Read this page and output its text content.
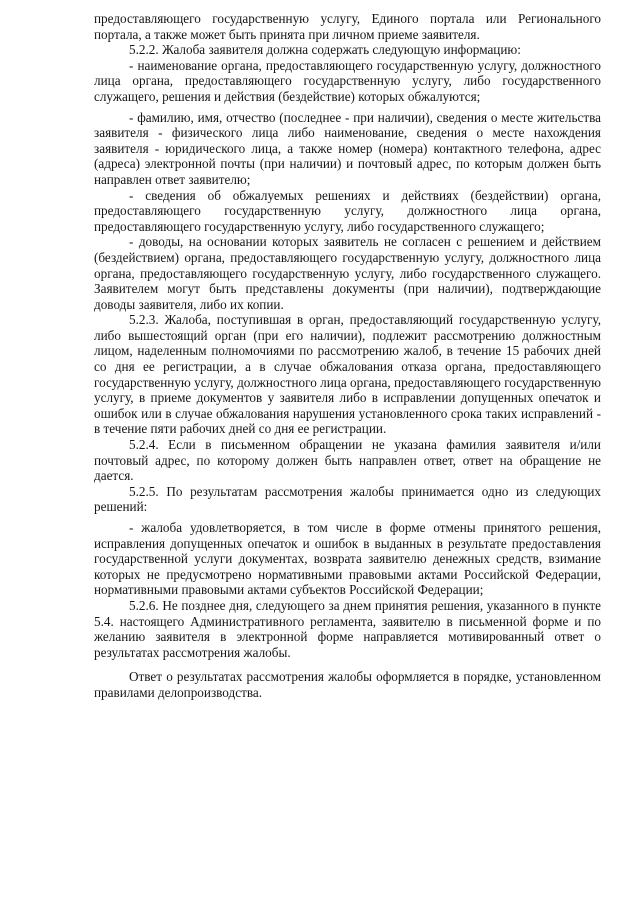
предоставляющего государственную услугу, Единого портала или Регионального портала, а также может быть принята при личном приеме заявителя.

5.2.2. Жалоба заявителя должна содержать следующую информацию:

- наименование органа, предоставляющего государственную услугу, должностного лица органа, предоставляющего государственную услугу, либо государственного служащего, решения и действия (бездействие) которых обжалуются;

- фамилию, имя, отчество (последнее - при наличии), сведения о месте жительства заявителя - физического лица либо наименование, сведения о месте нахождения заявителя - юридического лица, а также номер (номера) контактного телефона, адрес (адреса) электронной почты (при наличии) и почтовый адрес, по которым должен быть направлен ответ заявителю;

- сведения об обжалуемых решениях и действиях (бездействии) органа, предоставляющего государственную услугу, должностного лица органа, предоставляющего государственную услугу, либо государственного служащего;

- доводы, на основании которых заявитель не согласен с решением и действием (бездействием) органа, предоставляющего государственную услугу, должностного лица органа, предоставляющего государственную услугу, либо государственного служащего. Заявителем могут быть представлены документы (при наличии), подтверждающие доводы заявителя, либо их копии.

5.2.3. Жалоба, поступившая в орган, предоставляющий государственную услугу, либо вышестоящий орган (при его наличии), подлежит рассмотрению должностным лицом, наделенным полномочиями по рассмотрению жалоб, в течение 15 рабочих дней со дня ее регистрации, а в случае обжалования отказа органа, предоставляющего государственную услугу, должностного лица органа, предоставляющего государственную услугу, в приеме документов у заявителя либо в исправлении допущенных опечаток и ошибок или в случае обжалования нарушения установленного срока таких исправлений - в течение пяти рабочих дней со дня ее регистрации.

5.2.4. Если в письменном обращении не указана фамилия заявителя и/или почтовый адрес, по которому должен быть направлен ответ, ответ на обращение не дается.

5.2.5. По результатам рассмотрения жалобы принимается одно из следующих решений:

- жалоба удовлетворяется, в том числе в форме отмены принятого решения, исправления допущенных опечаток и ошибок в выданных в результате предоставления государственной услуги документах, возврата заявителю денежных средств, взимание которых не предусмотрено нормативными правовыми актами Российской Федерации, нормативными правовыми актами субъектов Российской Федерации;

5.2.6. Не позднее дня, следующего за днем принятия решения, указанного в пункте 5.4. настоящего Административного регламента, заявителю в письменной форме и по желанию заявителя в электронной форме направляется мотивированный ответ о результатах рассмотрения жалобы.

Ответ о результатах рассмотрения жалобы оформляется в порядке, установленном правилами делопроизводства.
